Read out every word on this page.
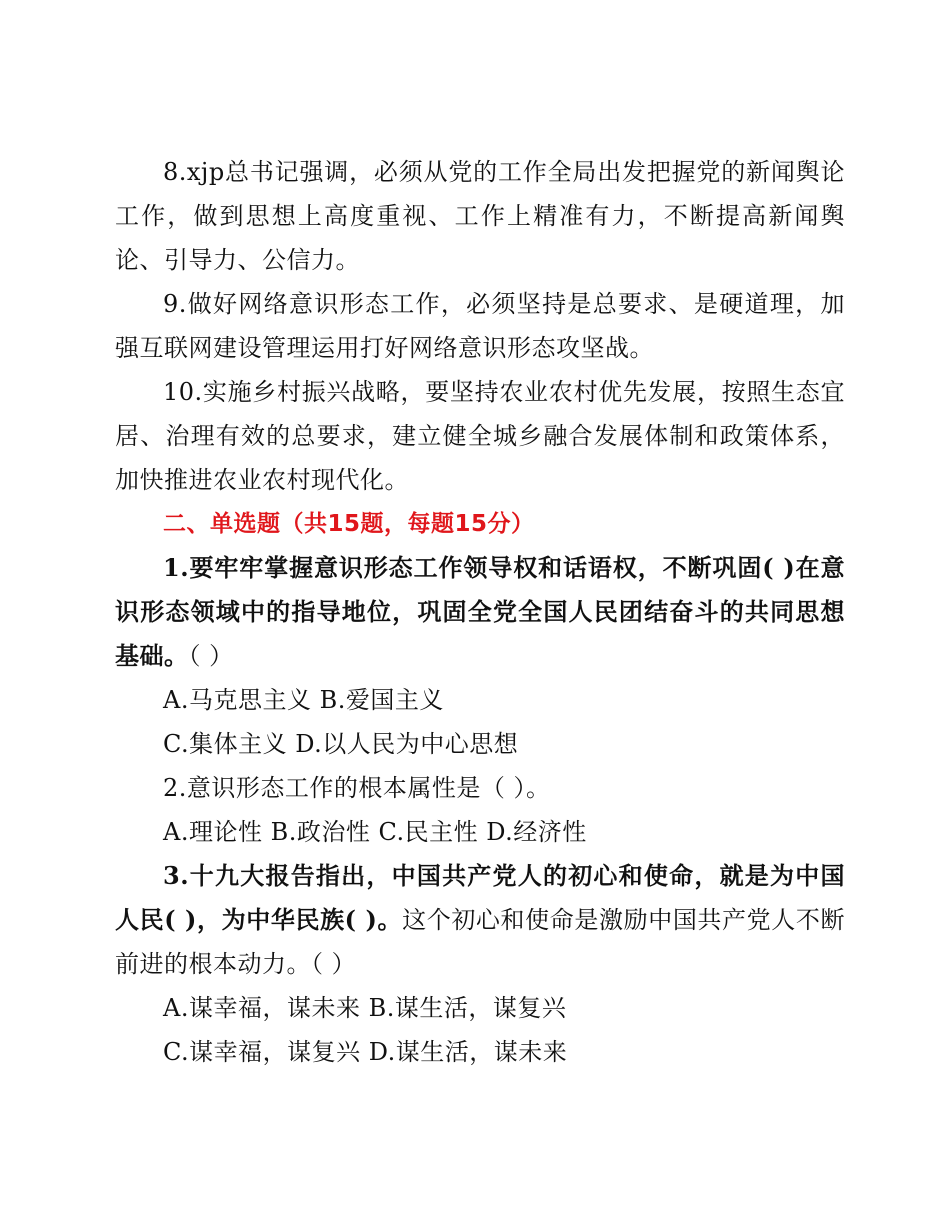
8.xjp总书记强调，必须从党的工作全局出发把握党的新闻舆论工作，做到思想上高度重视、工作上精准有力，不断提高新闻舆论、引导力、公信力。

9.做好网络意识形态工作，必须坚持是总要求、是硬道理，加强互联网建设管理运用打好网络意识形态攻坚战。

10.实施乡村振兴战略，要坚持农业农村优先发展，按照生态宜居、治理有效的总要求，建立健全城乡融合发展体制和政策体系，加快推进农业农村现代化。

二、单选题（共15题，每题15分）

1.要牢牢掌握意识形态工作领导权和话语权，不断巩固( )在意识形态领域中的指导地位，巩固全党全国人民团结奋斗的共同思想基础。（ ）

A.马克思主义 B.爱国主义

C.集体主义 D.以人民为中心思想

2.意识形态工作的根本属性是（ ）。

A.理论性 B.政治性 C.民主性 D.经济性

3.十九大报告指出，中国共产党人的初心和使命，就是为中国人民( )，为中华民族( )。这个初心和使命是激励中国共产党人不断前进的根本动力。（ ）

A.谋幸福，谋未来 B.谋生活，谋复兴

C.谋幸福，谋复兴 D.谋生活，谋未来
